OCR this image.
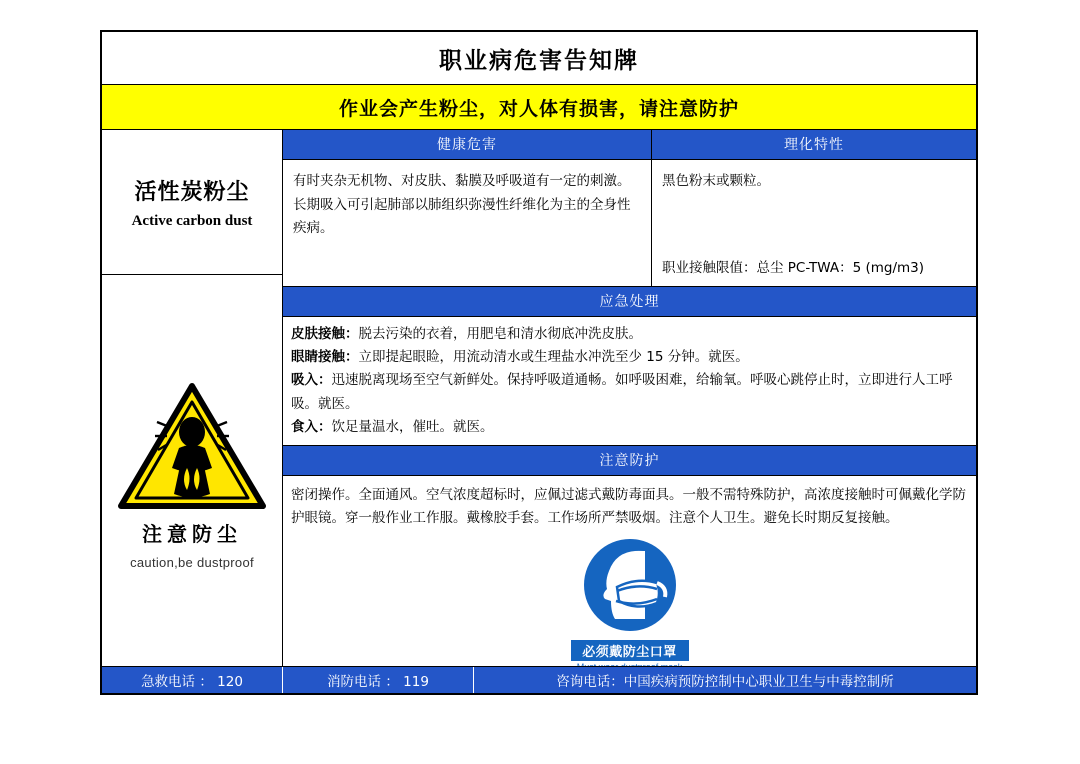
职业病危害告知牌
作业会产生粉尘，对人体有损害，请注意防护
活性炭粉尘
Active carbon dust
注意防尘
caution,be dustproof
健康危害
有时夹杂无机物、对皮肤、黏膜及呼吸道有一定的刺激。长期吸入可引起肺部以肺组织弥漫性纤维化为主的全身性疾病。
理化特性
黑色粉末或颗粒。
职业接触限值：总尘 PC-TWA：5 (mg/m3)
应急处理

皮肤接触：脱去污染的衣着，用肥皂和清水彻底冲洗皮肤。

眼睛接触：立即提起眼睑，用流动清水或生理盐水冲洗至少 15 分钟。就医。

吸入：迅速脱离现场至空气新鲜处。保持呼吸道通畅。如呼吸困难，给输氧。呼吸心跳停止时，立即进行人工呼吸。就医。

食入：饮足量温水，催吐。就医。

注意防护
密闭操作。全面通风。空气浓度超标时，应佩过滤式戴防毒面具。一般不需特殊防护，高浓度接触时可佩戴化学防护眼镜。穿一般作业工作服。戴橡胶手套。工作场所严禁吸烟。注意个人卫生。避免长时期反复接触。
必须戴防尘口罩
急救电话 ： 120	消防电话 ： 119	咨询电话：中国疾病预防控制中心职业卫生与中毒控制所
